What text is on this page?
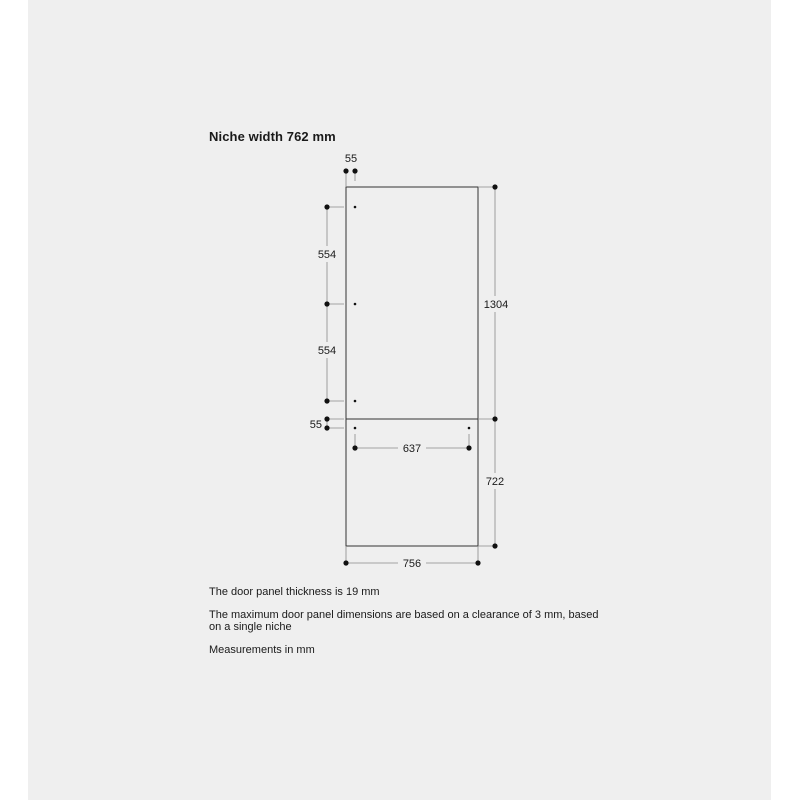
Niche width 762 mm
55
554
554
55
637
1304
722
756
The door panel thickness is 19 mm
The maximum door panel dimensions are based on a clearance of 3 mm, based on a single niche
Measurements in mm
